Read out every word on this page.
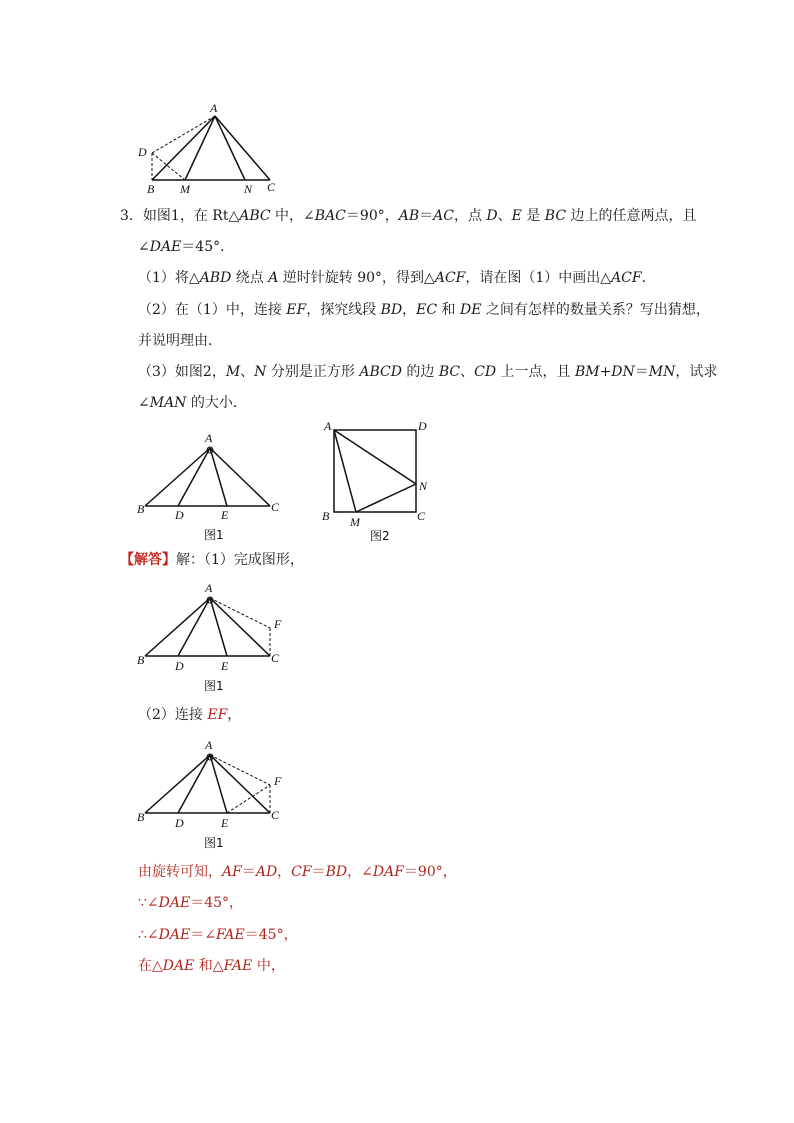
A
D
B M	N C
3．如图1，在 Rt△ABC 中，∠BAC＝90°，AB＝AC，点 D、E 是 BC 边上的任意两点，且
∠DAE＝45°．
（1）将△ABD 绕点 A 逆时针旋转 90°，得到△ACF，请在图（1）中画出△ACF．
（2）在（1）中，连接 EF，探究线段 BD，EC 和 DE 之间有怎样的数量关系？写出猜想，
并说明理由．
（3）如图2，M、N 分别是正方形 ABCD 的边 BC、CD 上一点，且 BM+DN＝MN，试求
∠MAN 的大小．
A
B	D	E
C
图1
A	D
N
B M	C
图2
【解答】解：（1）完成图形，
A
F
B	D	E
C
图1
（2）连接 EF，
A
F
B	D	E
C
图1
由旋转可知，AF＝AD，CF＝BD，∠DAF＝90°，
∵∠DAE＝45°，
∴∠DAE＝∠FAE＝45°，
在△DAE 和△FAE 中，
